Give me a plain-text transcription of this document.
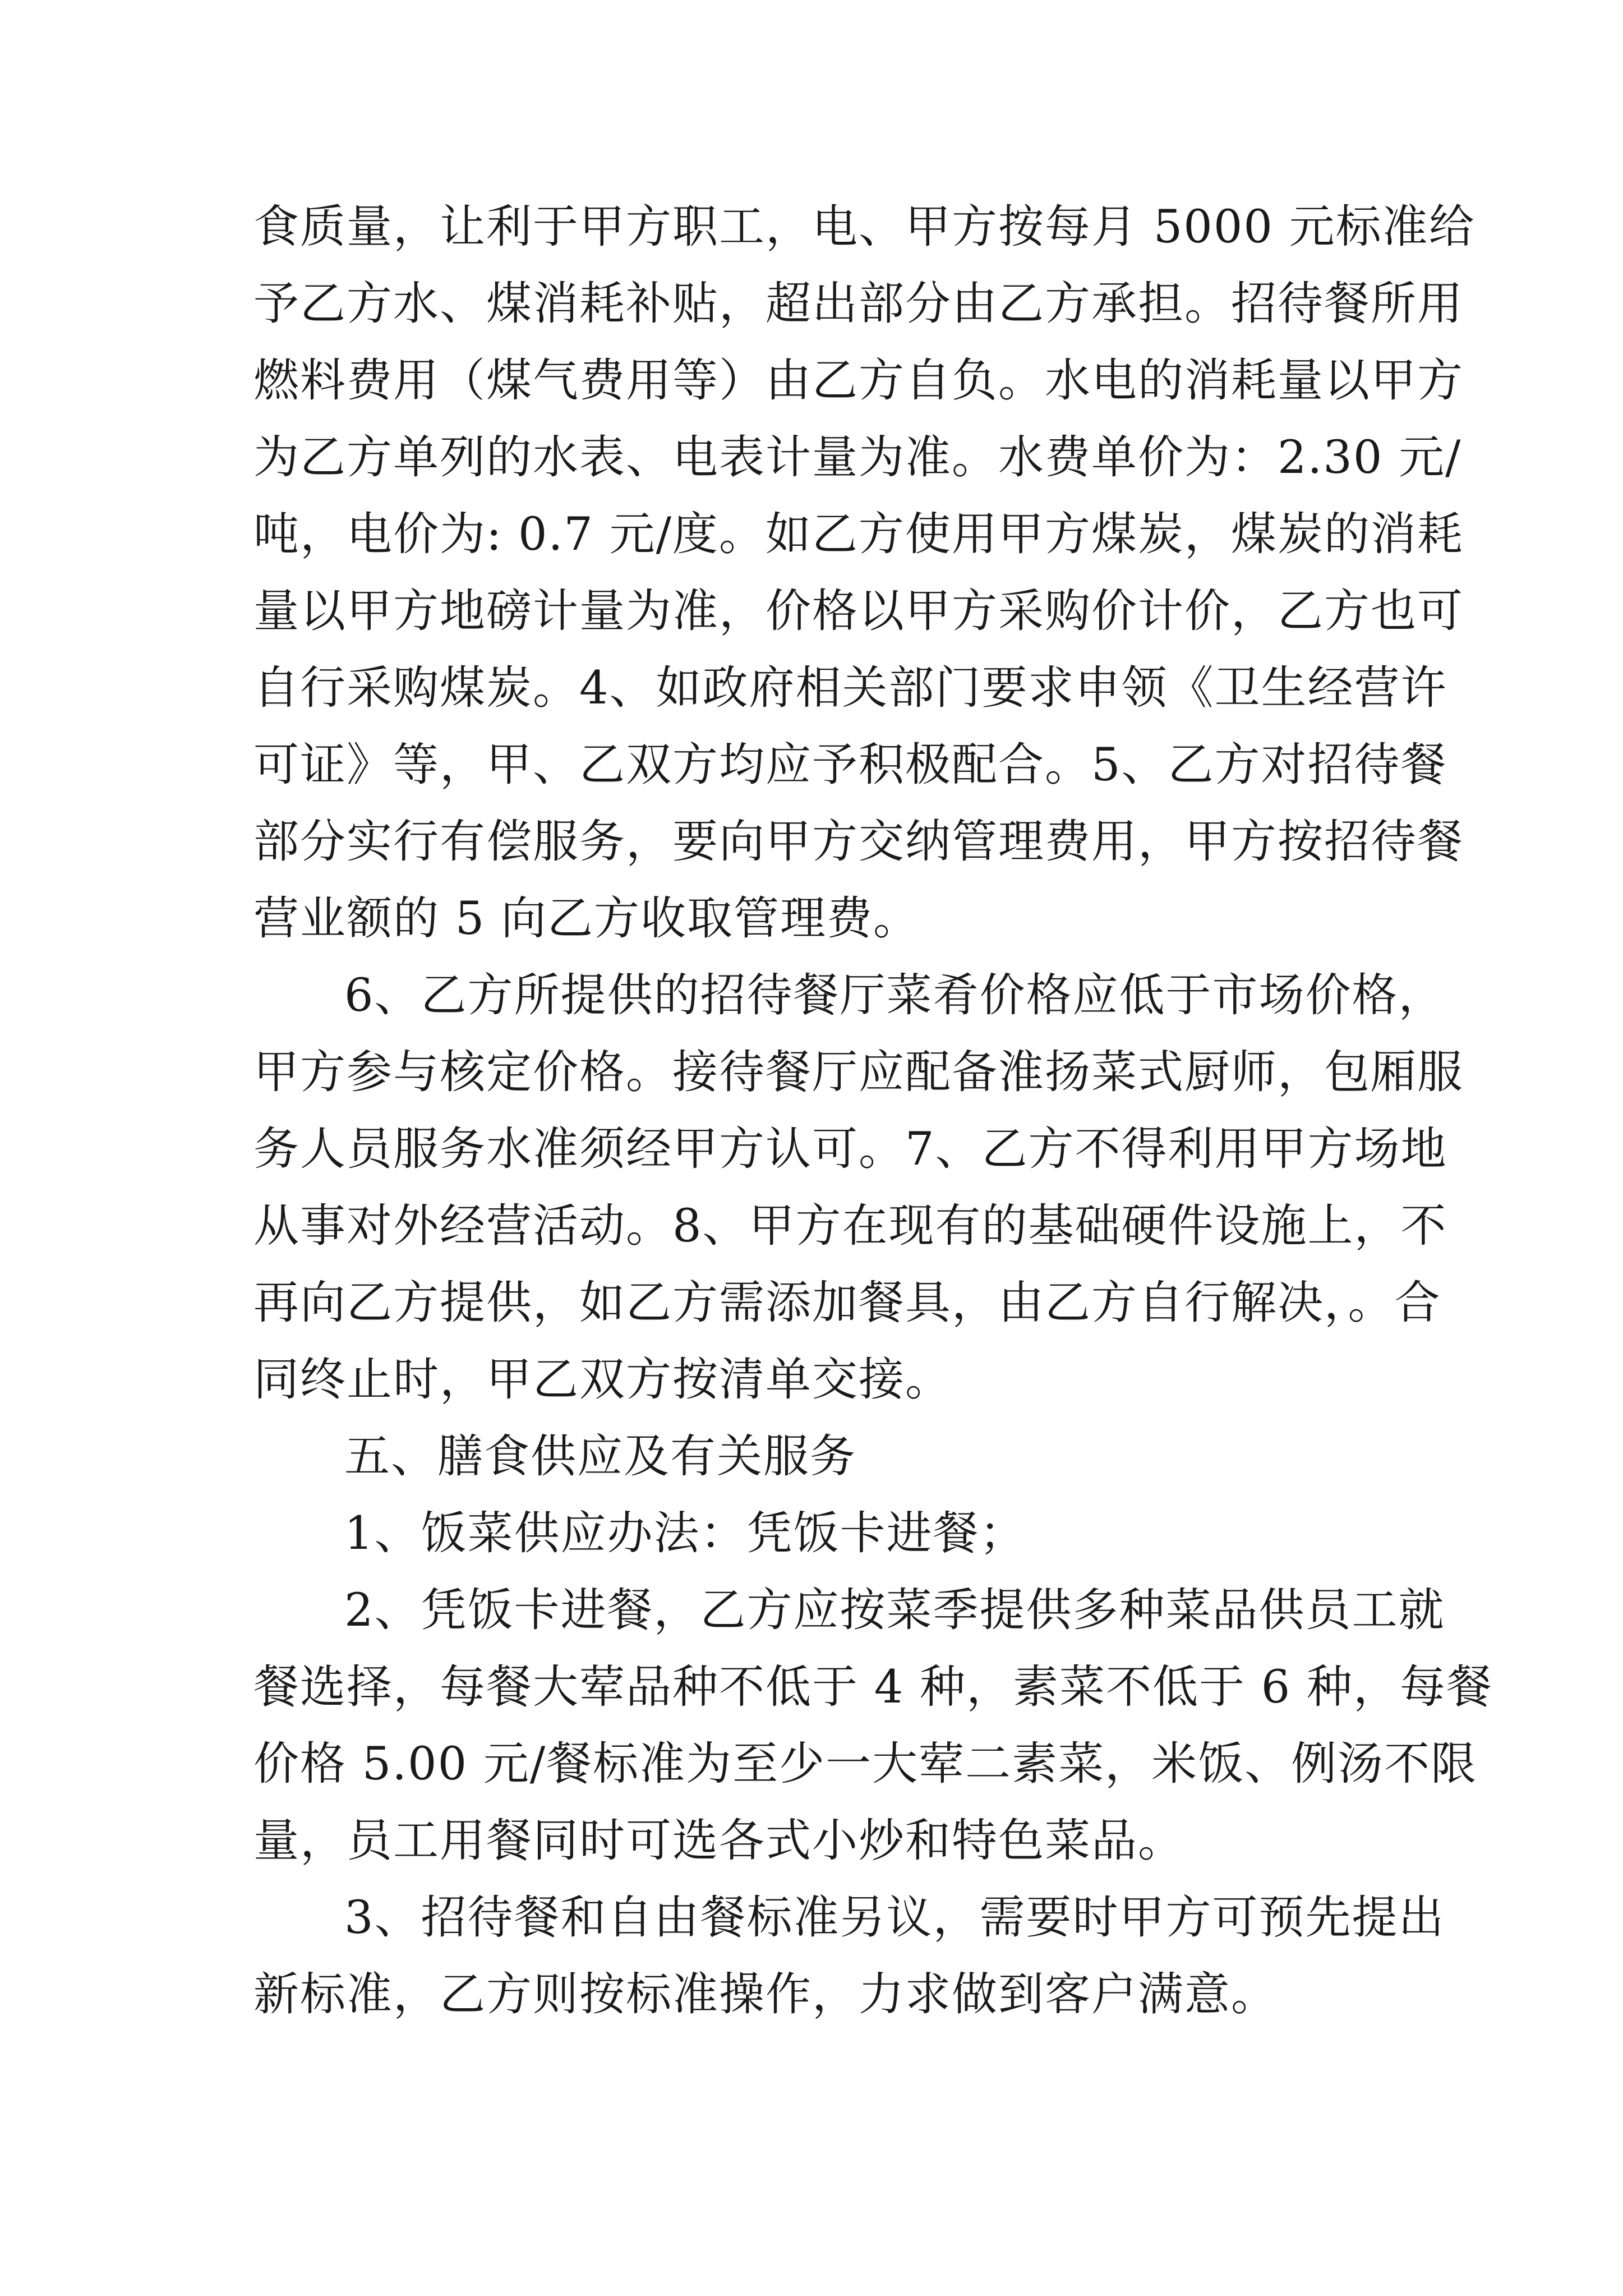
食质量，让利于甲方职工，电、甲方按每月 5000 元标准给
予乙方水、煤消耗补贴，超出部分由乙方承担。招待餐所用
燃料费用（煤气费用等）由乙方自负。水电的消耗量以甲方
为乙方单列的水表、电表计量为准。水费单价为：2.30 元/
吨，电价为: 0.7 元/度。如乙方使用甲方煤炭，煤炭的消耗
量以甲方地磅计量为准，价格以甲方采购价计价，乙方也可
自行采购煤炭。4、如政府相关部门要求申领《卫生经营许
可证》等，甲、乙双方均应予积极配合。5、乙方对招待餐
部分实行有偿服务，要向甲方交纳管理费用，甲方按招待餐
营业额的 5 向乙方收取管理费。
6、乙方所提供的招待餐厅菜肴价格应低于市场价格，
甲方参与核定价格。接待餐厅应配备淮扬菜式厨师，包厢服
务人员服务水准须经甲方认可。7、乙方不得利用甲方场地
从事对外经营活动。8、甲方在现有的基础硬件设施上，不
再向乙方提供，如乙方需添加餐具，由乙方自行解决，。合
同终止时，甲乙双方按清单交接。
五、膳食供应及有关服务
1、饭菜供应办法：凭饭卡进餐；
2、凭饭卡进餐，乙方应按菜季提供多种菜品供员工就
餐选择，每餐大荤品种不低于 4 种，素菜不低于 6 种，每餐
价格 5.00 元/餐标准为至少一大荤二素菜，米饭、例汤不限
量，员工用餐同时可选各式小炒和特色菜品。
3、招待餐和自由餐标准另议，需要时甲方可预先提出
新标准，乙方则按标准操作，力求做到客户满意。
